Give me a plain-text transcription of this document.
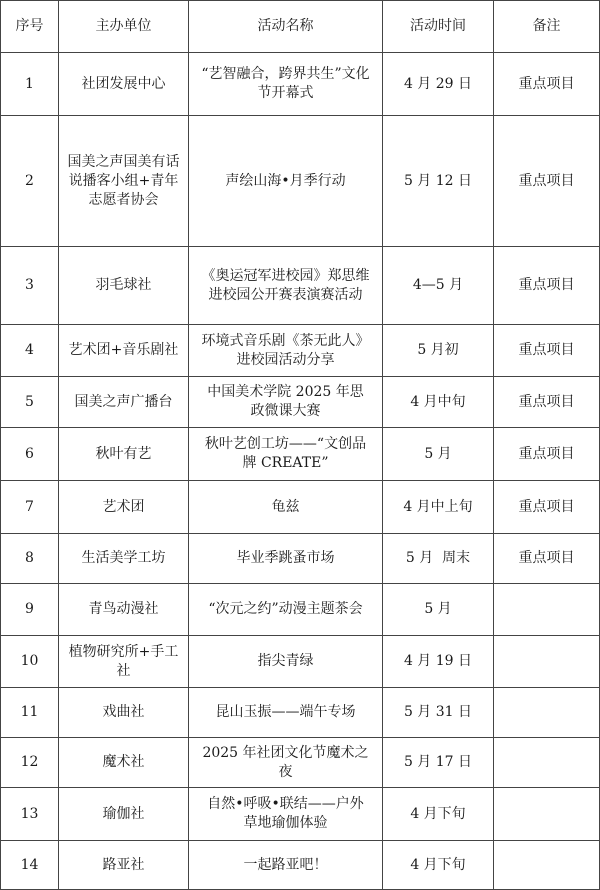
序号	主办单位	活动名称	活动时间	备注
1	社团发展中心	“艺智融合，跨界共生”文化节开幕式	4 月 29 日	重点项目
2	国美之声国美有话说播客小组+青年志愿者协会	声绘山海•月季行动	5 月 12 日	重点项目
3	羽毛球社	《奥运冠军进校园》郑思维进校园公开赛表演赛活动	4—5 月	重点项目
4	艺术团+音乐剧社	环境式音乐剧《茶无此人》进校园活动分享	5 月初	重点项目
5	国美之声广播台	中国美术学院 2025 年思政微课大赛	4 月中旬	重点项目
6	秋叶有艺	秋叶艺创工坊——“文创品牌 CREATE”	5 月	重点项目
7	艺术团	龟兹	4 月中上旬	重点项目
8	生活美学工坊	毕业季跳蚤市场	5 月  周末	重点项目
9	青鸟动漫社	“次元之约”动漫主题茶会	5 月	
10	植物研究所+手工社	指尖青绿	4 月 19 日	
11	戏曲社	昆山玉振——端午专场	5 月 31 日	
12	魔术社	2025 年社团文化节魔术之夜	5 月 17 日	
13	瑜伽社	自然•呼吸•联结——户外草地瑜伽体验	4 月下旬	
14	路亚社	一起路亚吧！	4 月下旬	
